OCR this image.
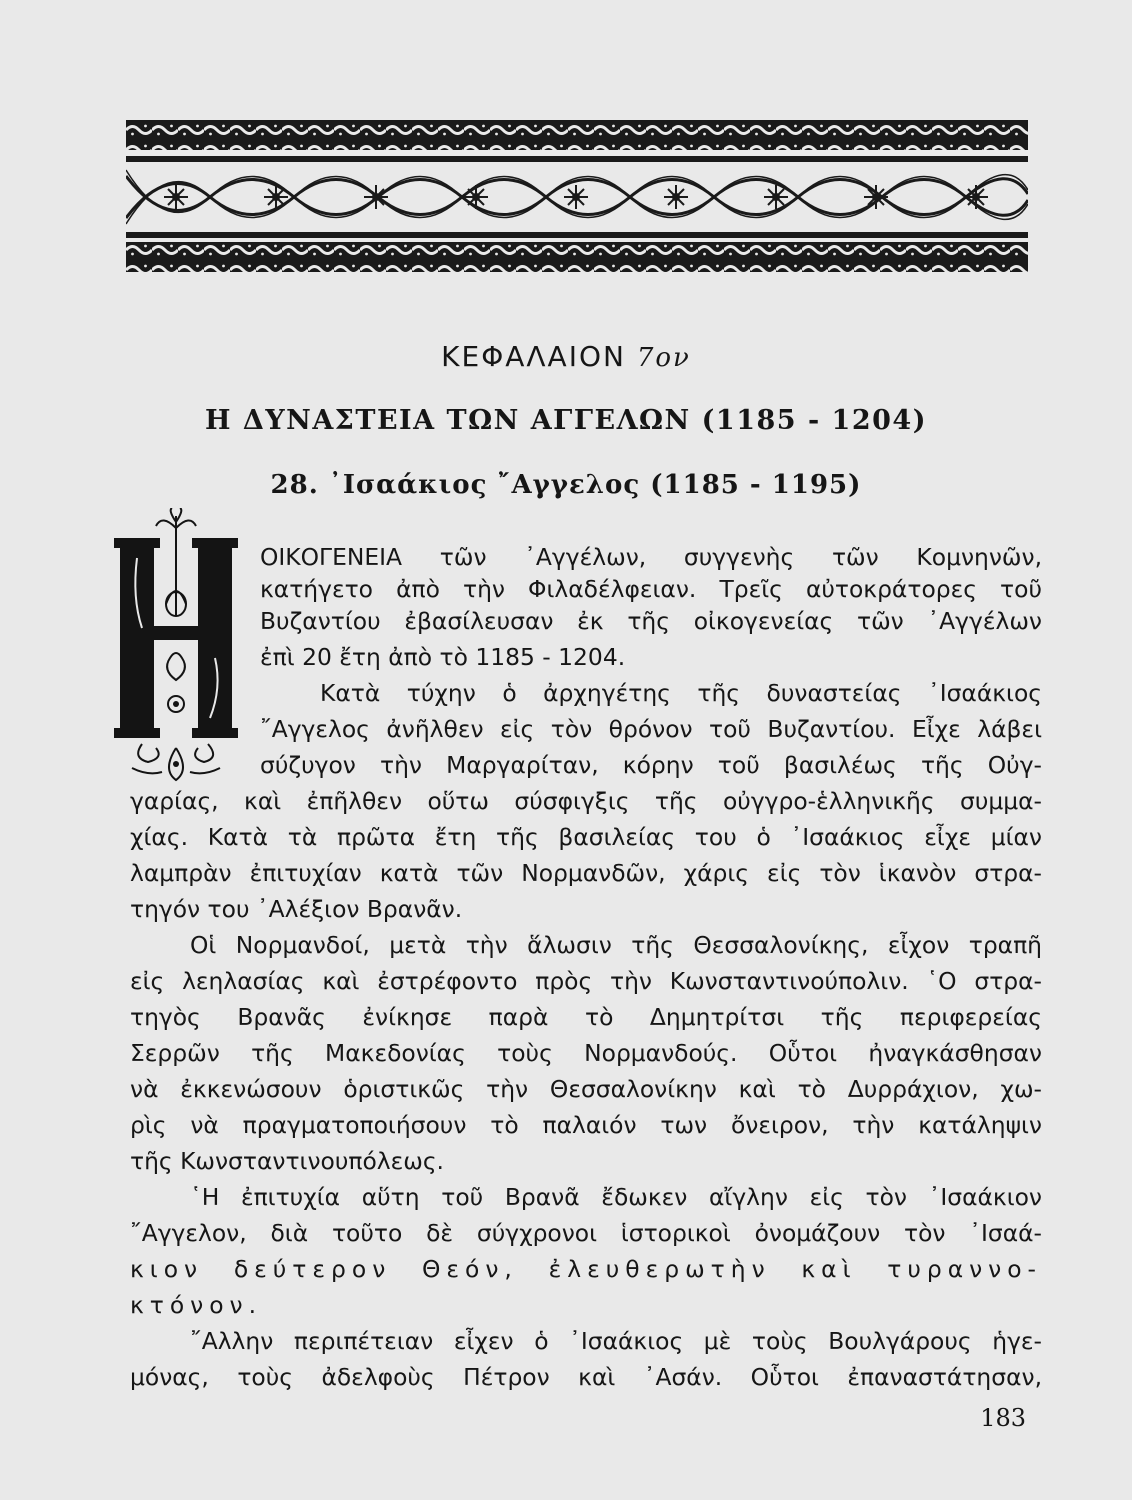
ΚΕΦΑΛΑΙΟΝ 7ον
Η ΔΥΝΑΣΤΕΙΑ ΤΩΝ ΑΓΓΕΛΩΝ (1185 - 1204)
28. ᾿Ισαάκιος ῎Αγγελος (1185 - 1195)
ΟΙΚΟΓΕΝΕΙΑ τῶν ᾿Αγγέλων, συγγενὴς τῶν Κομνηνῶν,
κατήγετο ἀπὸ τὴν Φιλαδέλφειαν. Τρεῖς αὐτοκράτορες τοῦ
Βυζαντίου ἐβασίλευσαν ἐκ τῆς οἰκογενείας τῶν ᾿Αγγέλων
ἐπὶ 20 ἔτη ἀπὸ τὸ 1185 - 1204.
Κατὰ τύχην ὁ ἀρχηγέτης τῆς δυναστείας ᾿Ισαάκιος
῎Αγγελος ἀνῆλθεν εἰς τὸν θρόνον τοῦ Βυζαντίου. Εἶχε λάβει
σύζυγον τὴν Μαργαρίταν, κόρην τοῦ βασιλέως τῆς Οὐγ-
γαρίας, καὶ ἐπῆλθεν οὕτω σύσφιγξις τῆς οὐγγρο-ἑλληνικῆς συμμα-
χίας. Κατὰ τὰ πρῶτα ἔτη τῆς βασιλείας του ὁ ᾿Ισαάκιος εἶχε μίαν
λαμπρὰν ἐπιτυχίαν κατὰ τῶν Νορμανδῶν, χάρις εἰς τὸν ἱκανὸν στρα-
τηγόν του ᾿Αλέξιον Βρανᾶν.
Οἱ Νορμανδοί, μετὰ τὴν ἅλωσιν τῆς Θεσσαλονίκης, εἶχον τραπῆ
εἰς λεηλασίας καὶ ἐστρέφοντο πρὸς τὴν Κωνσταντινούπολιν. ῾Ο στρα-
τηγὸς Βρανᾶς ἐνίκησε παρὰ τὸ Δημητρίτσι τῆς περιφερείας
Σερρῶν τῆς Μακεδονίας τοὺς Νορμανδούς. Οὗτοι ἠναγκάσθησαν
νὰ ἐκκενώσουν ὁριστικῶς τὴν Θεσσαλονίκην καὶ τὸ Δυρράχιον, χω-
ρὶς νὰ πραγματοποιήσουν τὸ παλαιόν των ὄνειρον, τὴν κατάληψιν
τῆς Κωνσταντινουπόλεως.
῾Η ἐπιτυχία αὕτη τοῦ Βρανᾶ ἔδωκεν αἴγλην εἰς τὸν ᾿Ισαάκιον
῎Αγγελον, διὰ τοῦτο δὲ σύγχρονοι ἱστορικοὶ ὀνομάζουν τὸν ᾿Ισαά-
κιον δεύτερον Θεόν, ἐλευθερωτὴν καὶ τυραννο-
κτόνον.
῎Αλλην περιπέτειαν εἶχεν ὁ ᾿Ισαάκιος μὲ τοὺς Βουλγάρους ἡγε-
μόνας, τοὺς ἀδελφοὺς Πέτρον καὶ ᾿Ασάν. Οὗτοι ἐπαναστάτησαν,
183
